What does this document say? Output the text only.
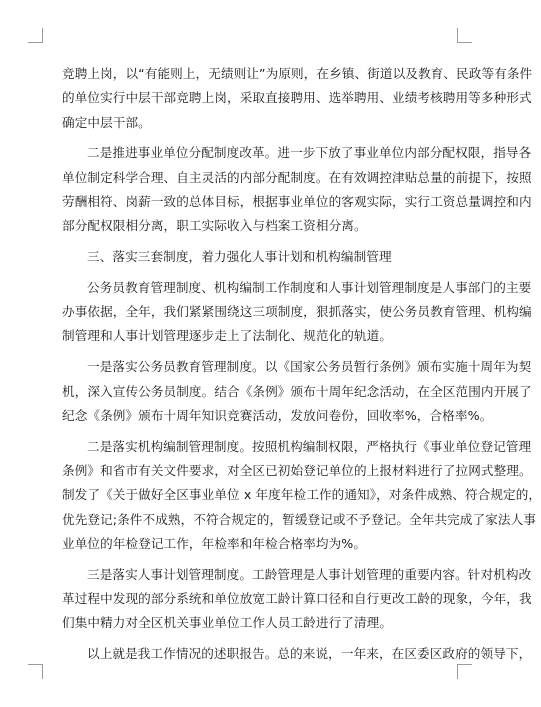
竞聘上岗，以“有能则上，无绩则让”为原则，在乡镇、街道以及教育、民政等有条件
的单位实行中层干部竞聘上岗，采取直接聘用、选举聘用、业绩考核聘用等多种形式
确定中层干部。
二是推进事业单位分配制度改革。进一步下放了事业单位内部分配权限，指导各
单位制定科学合理、自主灵活的内部分配制度。在有效调控津贴总量的前提下，按照
劳酬相符、岗薪一致的总体目标，根据事业单位的客观实际，实行工资总量调控和内
部分配权限相分离，职工实际收入与档案工资相分离。
三、落实三套制度，着力强化人事计划和机构编制管理
公务员教育管理制度、机构编制工作制度和人事计划管理制度是人事部门的主要
办事依据，全年，我们紧紧围绕这三项制度，狠抓落实，使公务员教育管理、机构编
制管理和人事计划管理逐步走上了法制化、规范化的轨道。
一是落实公务员教育管理制度。以《国家公务员暂行条例》颁布实施十周年为契
机，深入宣传公务员制度。结合《条例》颁布十周年纪念活动，在全区范围内开展了
纪念《条例》颁布十周年知识竞赛活动，发放问卷份，回收率%，合格率%。
二是落实机构编制管理制度。按照机构编制权限，严格执行《事业单位登记管理
条例》和省市有关文件要求，对全区已初始登记单位的上报材料进行了拉网式整理。
制发了《关于做好全区事业单位 x 年度年检工作的通知》，对条件成熟、符合规定的，
优先登记;条件不成熟，不符合规定的，暂缓登记或不予登记。全年共完成了家法人事
业单位的年检登记工作，年检率和年检合格率均为%。
三是落实人事计划管理制度。工龄管理是人事计划管理的重要内容。针对机构改
革过程中发现的部分系统和单位放宽工龄计算口径和自行更改工龄的现象，今年，我
们集中精力对全区机关事业单位工作人员工龄进行了清理。
以上就是我工作情况的述职报告。总的来说，一年来，在区委区政府的领导下，
